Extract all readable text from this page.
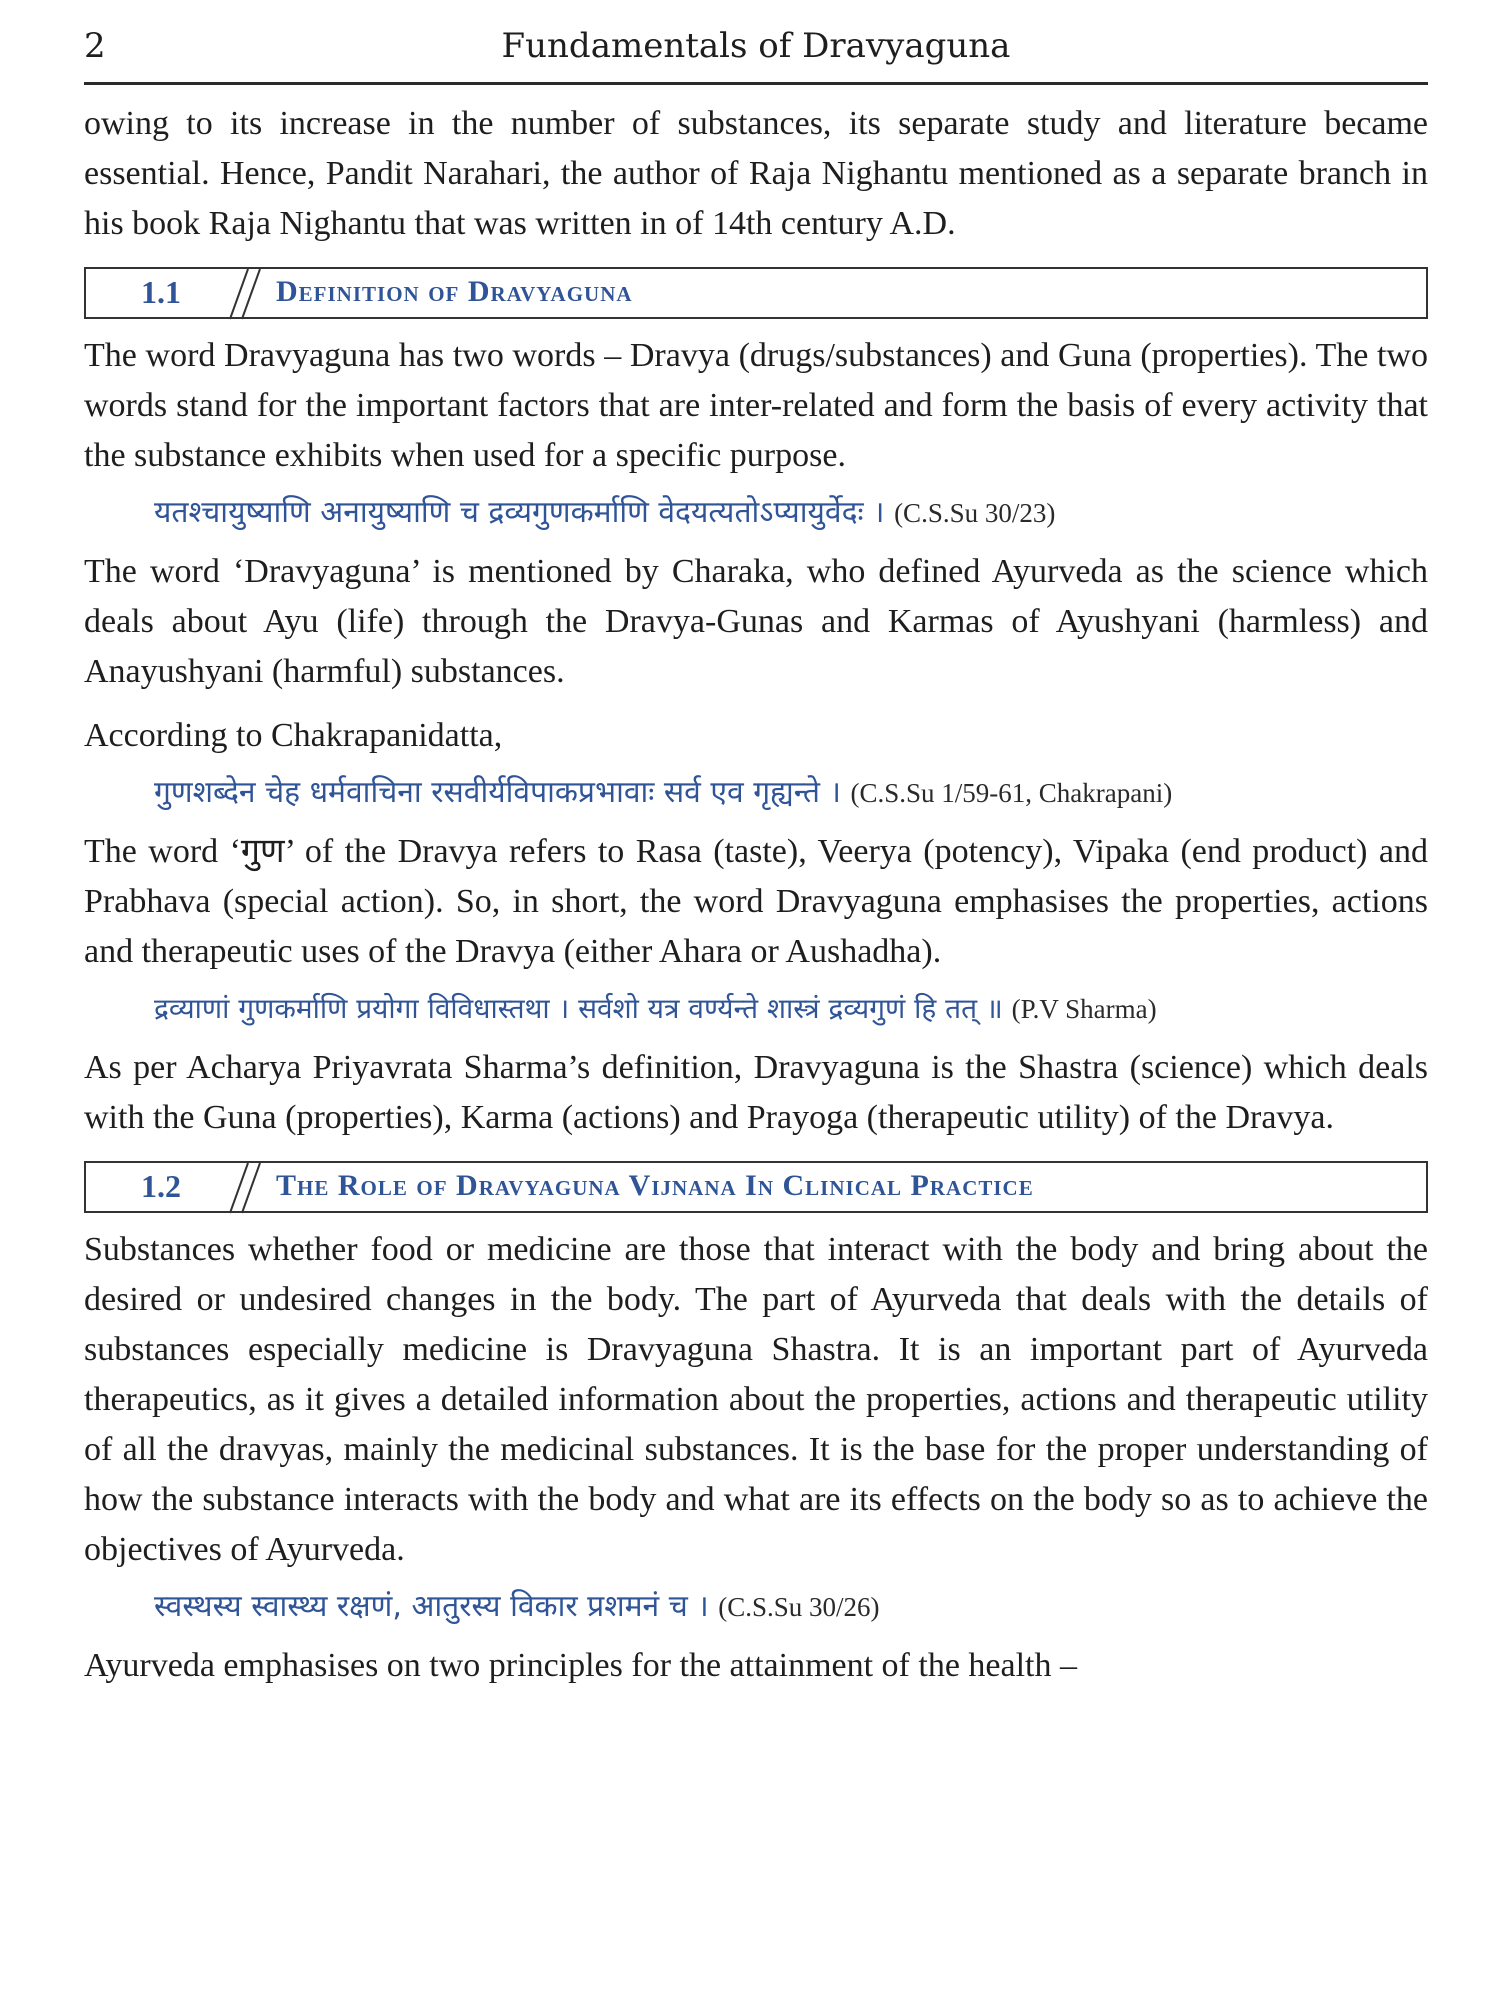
2	Fundamentals of Dravyaguna

owing to its increase in the number of substances, its separate study and literature became essential. Hence, Pandit Narahari, the author of Raja Nighantu mentioned as a separate branch in his book Raja Nighantu that was written in of 14th century A.D.

1.1	Definition of Dravyaguna

The word Dravyaguna has two words – Dravya (drugs/substances) and Guna (properties). The two words stand for the important factors that are inter-related and form the basis of every activity that the substance exhibits when used for a specific purpose.

यतश्चायुष्याणि अनायुष्याणि च द्रव्यगुणकर्माणि वेदयत्यतोऽप्यायुर्वेदः । (C.S.Su 30/23)

The word ‘Dravyaguna’ is mentioned by Charaka, who defined Ayurveda as the science which deals about Ayu (life) through the Dravya-Gunas and Karmas of Ayushyani (harmless) and Anayushyani (harmful) substances.

According to Chakrapanidatta,

गुणशब्देन चेह धर्मवाचिना रसवीर्यविपाकप्रभावाः सर्व एव गृह्यन्ते । (C.S.Su 1/59-61, Chakrapani)

The word ‘गुण’ of the Dravya refers to Rasa (taste), Veerya (potency), Vipaka (end product) and Prabhava (special action). So, in short, the word Dravyaguna emphasises the properties, actions and therapeutic uses of the Dravya (either Ahara or Aushadha).

द्रव्याणां गुणकर्माणि प्रयोगा विविधास्तथा । सर्वशो यत्र वर्ण्यन्ते शास्त्रं द्रव्यगुणं हि तत् ॥ (P.V Sharma)

As per Acharya Priyavrata Sharma’s definition, Dravyaguna is the Shastra (science) which deals with the Guna (properties), Karma (actions) and Prayoga (therapeutic utility) of the Dravya.

1.2	The Role of Dravyaguna Vijnana In Clinical Practice

Substances whether food or medicine are those that interact with the body and bring about the desired or undesired changes in the body. The part of Ayurveda that deals with the details of substances especially medicine is Dravyaguna Shastra. It is an important part of Ayurveda therapeutics, as it gives a detailed information about the properties, actions and therapeutic utility of all the dravyas, mainly the medicinal substances. It is the base for the proper understanding of how the substance interacts with the body and what are its effects on the body so as to achieve the objectives of Ayurveda.

स्वस्थस्य स्वास्थ्य रक्षणं, आतुरस्य विकार प्रशमनं च । (C.S.Su 30/26)

Ayurveda emphasises on two principles for the attainment of the health –
